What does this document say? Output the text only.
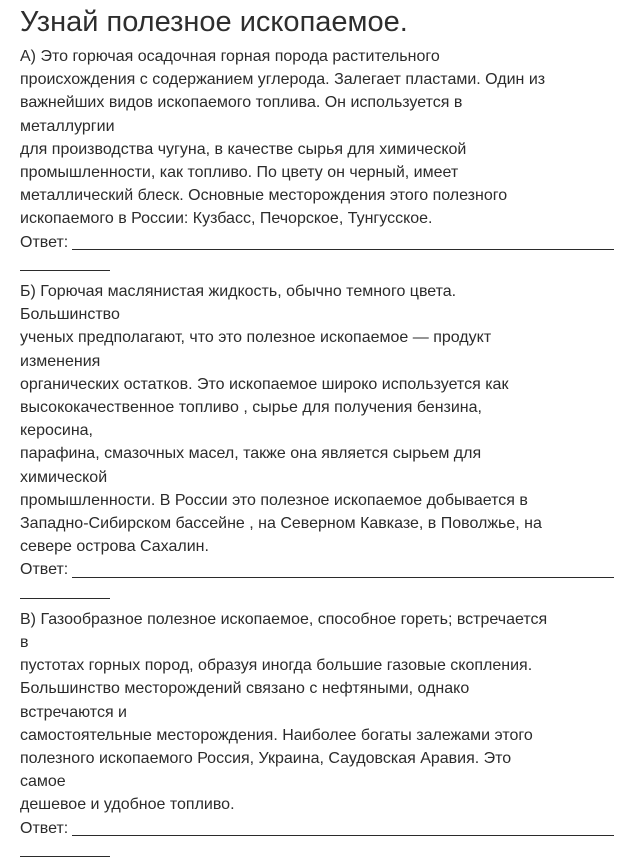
Узнай полезное ископаемое.
А) Это горючая осадочная горная порода растительного
происхождения с содержанием углерода. Залегает пластами. Один из
важнейших видов ископаемого топлива. Он используется в
металлургии
для производства чугуна, в качестве сырья для химической
промышленности, как топливо. По цвету он черный, имеет
металлический блеск. Основные месторождения этого полезного
ископаемого в России: Кузбасс, Печорское, Тунгусское.
Ответ:
Б) Горючая маслянистая жидкость, обычно темного цвета.
Большинство
ученых предполагают, что это полезное ископаемое — продукт
изменения
органических остатков. Это ископаемое широко используется как
высококачественное топливо , сырье для получения бензина,
керосина,
парафина, смазочных масел, также она является сырьем для
химической
промышленности. В России это полезное ископаемое добывается в
Западно-Сибирском бассейне , на Северном Кавказе, в Поволжье, на
севере острова Сахалин.
Ответ:
В) Газообразное полезное ископаемое, способное гореть; встречается
в
пустотах горных пород, образуя иногда большие газовые скопления.
Большинство месторождений связано с нефтяными, однако
встречаются и
самостоятельные месторождения. Наиболее богаты залежами этого
полезного ископаемого Россия, Украина, Саудовская Аравия. Это
самое
дешевое и удобное топливо.
Ответ:
